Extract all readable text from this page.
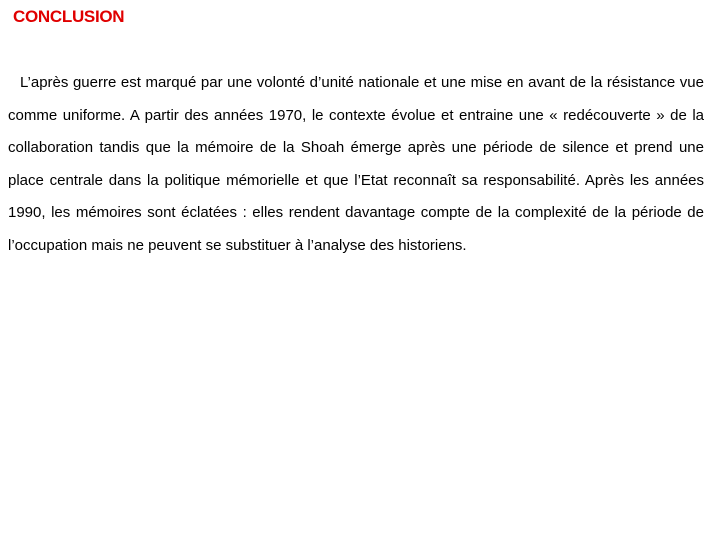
CONCLUSION

L’après guerre est marqué par une volonté d’unité nationale et une mise en avant de la résistance vue comme uniforme. A partir des années 1970, le contexte évolue et entraine une « redécouverte » de la collaboration tandis que la mémoire de la Shoah émerge après une période de silence et prend une place centrale dans la politique mémorielle et que l’Etat reconnaît sa responsabilité. Après les années 1990, les mémoires sont éclatées : elles rendent davantage compte de la complexité de la période de l’occupation mais ne peuvent se substituer à l’analyse des historiens.
